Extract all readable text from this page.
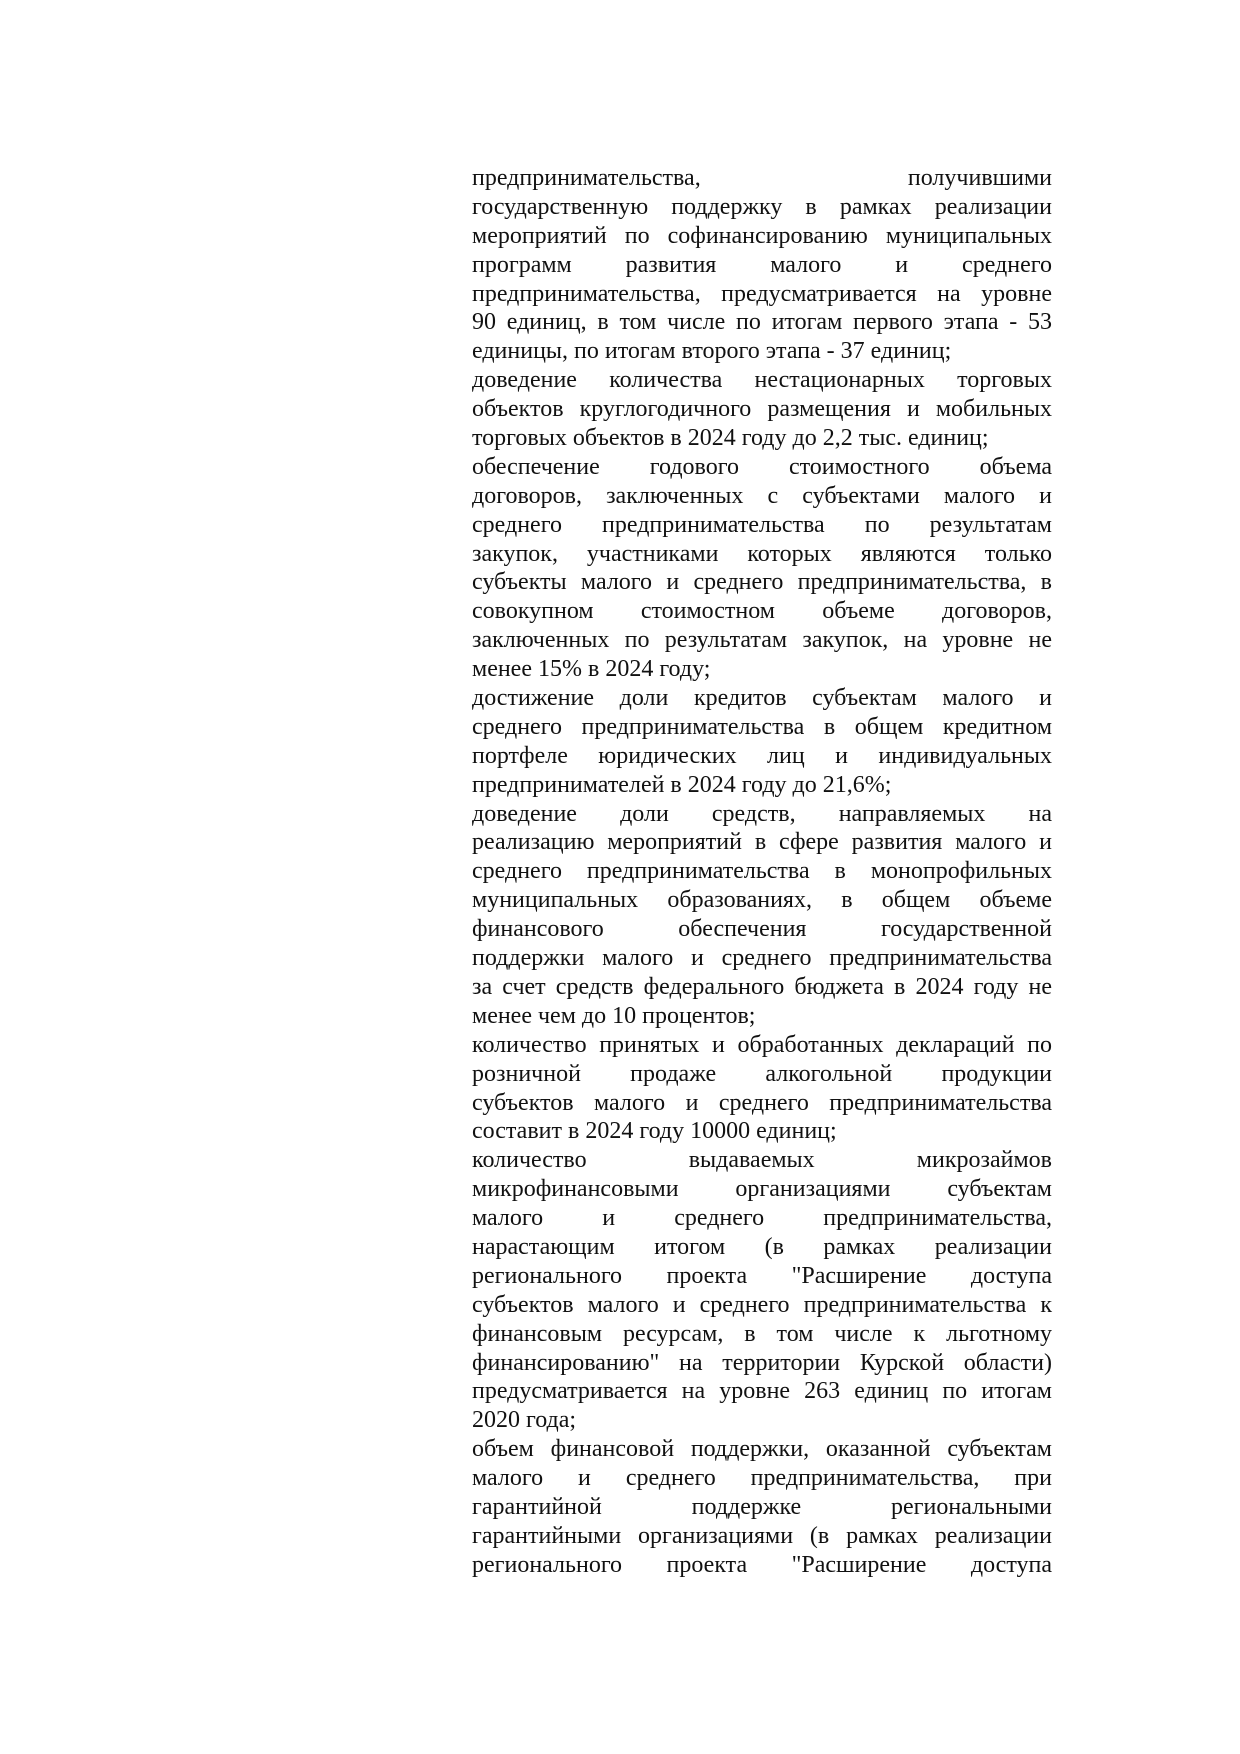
предпринимательства, получившими
государственную поддержку в рамках реализации
мероприятий по софинансированию муниципальных
программ развития малого и среднего
предпринимательства, предусматривается на уровне
90 единиц, в том числе по итогам первого этапа - 53
единицы, по итогам второго этапа - 37 единиц;
доведение количества нестационарных торговых
объектов круглогодичного размещения и мобильных
торговых объектов в 2024 году до 2,2 тыс. единиц;
обеспечение годового стоимостного объема
договоров, заключенных с субъектами малого и
среднего предпринимательства по результатам
закупок, участниками которых являются только
субъекты малого и среднего предпринимательства, в
совокупном стоимостном объеме договоров,
заключенных по результатам закупок, на уровне не
менее 15% в 2024 году;
достижение доли кредитов субъектам малого и
среднего предпринимательства в общем кредитном
портфеле юридических лиц и индивидуальных
предпринимателей в 2024 году до 21,6%;
доведение доли средств, направляемых на
реализацию мероприятий в сфере развития малого и
среднего предпринимательства в монопрофильных
муниципальных образованиях, в общем объеме
финансового обеспечения государственной
поддержки малого и среднего предпринимательства
за счет средств федерального бюджета в 2024 году не
менее чем до 10 процентов;
количество принятых и обработанных деклараций по
розничной продаже алкогольной продукции
субъектов малого и среднего предпринимательства
составит в 2024 году 10000 единиц;
количество выдаваемых микрозаймов
микрофинансовыми организациями субъектам
малого и среднего предпринимательства,
нарастающим итогом (в рамках реализации
регионального проекта "Расширение доступа
субъектов малого и среднего предпринимательства к
финансовым ресурсам, в том числе к льготному
финансированию" на территории Курской области)
предусматривается на уровне 263 единиц по итогам
2020 года;
объем финансовой поддержки, оказанной субъектам
малого и среднего предпринимательства, при
гарантийной поддержке региональными
гарантийными организациями (в рамках реализации
регионального проекта "Расширение доступа
